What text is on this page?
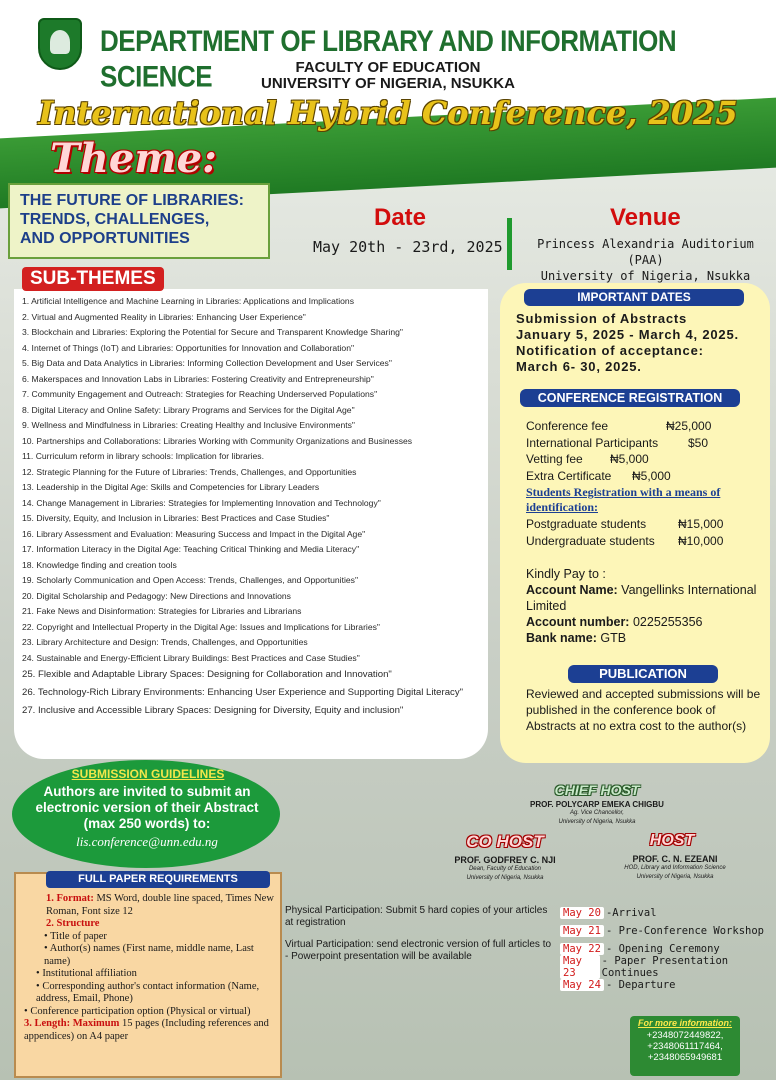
DEPARTMENT OF LIBRARY AND INFORMATION SCIENCE	FACULTY OF EDUCATION
UNIVERSITY OF NIGERIA, NSUKKA
International Hybrid Conference, 2025
Theme:
THE FUTURE OF LIBRARIES:
TRENDS, CHALLENGES,
AND OPPORTUNITIES
Date
May 20th - 23rd, 2025
Venue
Princess Alexandria Auditorium (PAA)
University of Nigeria, Nsukka
1. Artificial Intelligence and Machine Learning in Libraries: Applications and Implications
2. Virtual and Augmented Reality in Libraries: Enhancing User Experience"
3. Blockchain and Libraries: Exploring the Potential for Secure and Transparent Knowledge Sharing"
4. Internet of Things (IoT) and Libraries: Opportunities for Innovation and Collaboration"
5. Big Data and Data Analytics in Libraries: Informing Collection Development and User Services"
6. Makerspaces and Innovation Labs in Libraries: Fostering Creativity and Entrepreneurship"
7. Community Engagement and Outreach: Strategies for Reaching Underserved Populations"
8. Digital Literacy and Online Safety: Library Programs and Services for the Digital Age"
9. Wellness and Mindfulness in Libraries: Creating Healthy and Inclusive Environments"
10. Partnerships and Collaborations: Libraries Working with Community Organizations and Businesses
11. Curriculum reform in library schools: Implication for libraries.
12. Strategic Planning for the Future of Libraries: Trends, Challenges, and Opportunities
13. Leadership in the Digital Age: Skills and Competencies for Library Leaders
14. Change Management in Libraries: Strategies for Implementing Innovation and Technology"
15. Diversity, Equity, and Inclusion in Libraries: Best Practices and Case Studies"
16. Library Assessment and Evaluation: Measuring Success and Impact in the Digital Age"
17. Information Literacy in the Digital Age: Teaching Critical Thinking and Media Literacy"
18. Knowledge finding and creation tools
19. Scholarly Communication and Open Access: Trends, Challenges, and Opportunities"
20. Digital Scholarship and Pedagogy: New Directions and Innovations
21. Fake News and Disinformation: Strategies for Libraries and Librarians
22. Copyright and Intellectual Property in the Digital Age: Issues and Implications for Libraries"
23. Library Architecture and Design: Trends, Challenges, and Opportunities
24. Sustainable and Energy-Efficient Library Buildings: Best Practices and Case Studies"
25. Flexible and Adaptable Library Spaces: Designing for Collaboration and Innovation"
26. Technology-Rich Library Environments: Enhancing User Experience and Supporting Digital Literacy"
27. Inclusive and Accessible Library Spaces: Designing for Diversity, Equity and inclusion"
SUB-THEMES
IMPORTANT DATES
Submission of Abstracts
January 5, 2025 - March 4, 2025.
Notification of acceptance:
March 6- 30, 2025.
CONFERENCE REGISTRATION
Conference fee	₦25,000
International Participants	$50
Vetting fee	₦5,000
Extra Certificate	₦5,000
Students Registration with a means of identification:
Postgraduate students	₦15,000
Undergraduate students	₦10,000
Kindly Pay to :
Account Name: Vangellinks International Limited
Account number: 0225255356
Bank name: GTB
PUBLICATION
Reviewed and accepted submissions will be published in the conference book of Abstracts at no extra cost to the author(s)
SUBMISSION GUIDELINES
Authors are invited to submit an electronic version of their Abstract (max 250 words) to:
lis.conference@unn.edu.ng
CHIEF HOST
PROF. POLYCARP EMEKA CHIGBU
Ag. Vice Chancellor,
University of Nigeria, Nsukka
CO HOST
PROF. GODFREY C. NJI
Dean, Faculty of Education
University of Nigeria, Nsukka
HOST
PROF. C. N. EZEANI
HOD, Library and Information Science
University of Nigeria, Nsukka
FULL PAPER REQUIREMENTS
1. Format: MS Word, double line spaced, Times New Roman, Font size 12
2. Structure
• Title of paper
• Author(s) names (First name, middle name, Last name)
• Institutional affiliation
• Corresponding author's contact information (Name, address, Email, Phone)
• Conference participation option (Physical or virtual)
3. Length: Maximum 15 pages (Including references and appendices) on A4 paper

Physical Participation: Submit 5 hard copies of your articles at registration

Virtual Participation: send electronic version of full articles to
- Powerpoint presentation will be available
May 20 -Arrival
May 21 - Pre-Conference Workshop
May 22 - Opening Ceremony
May 23
- Paper Presentation Continues
May 24 - Departure
For more information:
+2348072449822,
+2348061117464,
+2348065949681
